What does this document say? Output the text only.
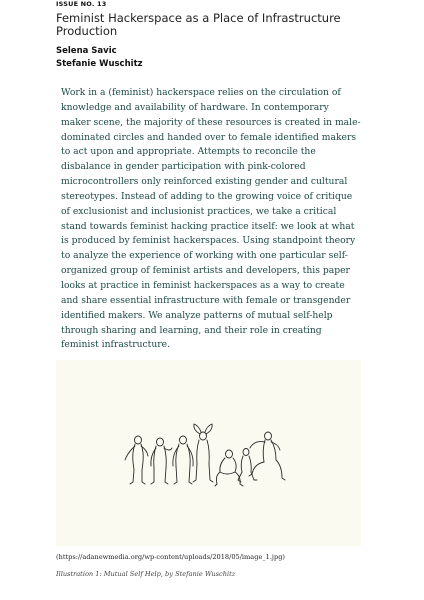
ISSUE NO. 13
Feminist Hackerspace as a Place of Infrastructure Production
Selena Savic
Stefanie Wuschitz

Work in a (feminist) hackerspace relies on the circulation of knowledge and availability of hardware. In contemporary maker scene, the majority of these resources is created in male-dominated circles and handed over to female identified makers to act upon and appropriate. Attempts to reconcile the disbalance in gender participation with pink-colored microcontrollers only reinforced existing gender and cultural stereotypes. Instead of adding to the growing voice of critique of exclusionist and inclusionist practices, we take a critical stand towards feminist hacking practice itself: we look at what is produced by feminist hackerspaces. Using standpoint theory to analyze the experience of working with one particular self-organized group of feminist artists and developers, this paper looks at practice in feminist hackerspaces as a way to create and share essential infrastructure with female or transgender identified makers. We analyze patterns of mutual self-help through sharing and learning, and their role in creating feminist infrastructure.

(https://adanewmedia.org/wp-content/uploads/2018/05/image_1.jpg)
Illustration 1: Mutual Self Help, by Stefanie Wuschitz
